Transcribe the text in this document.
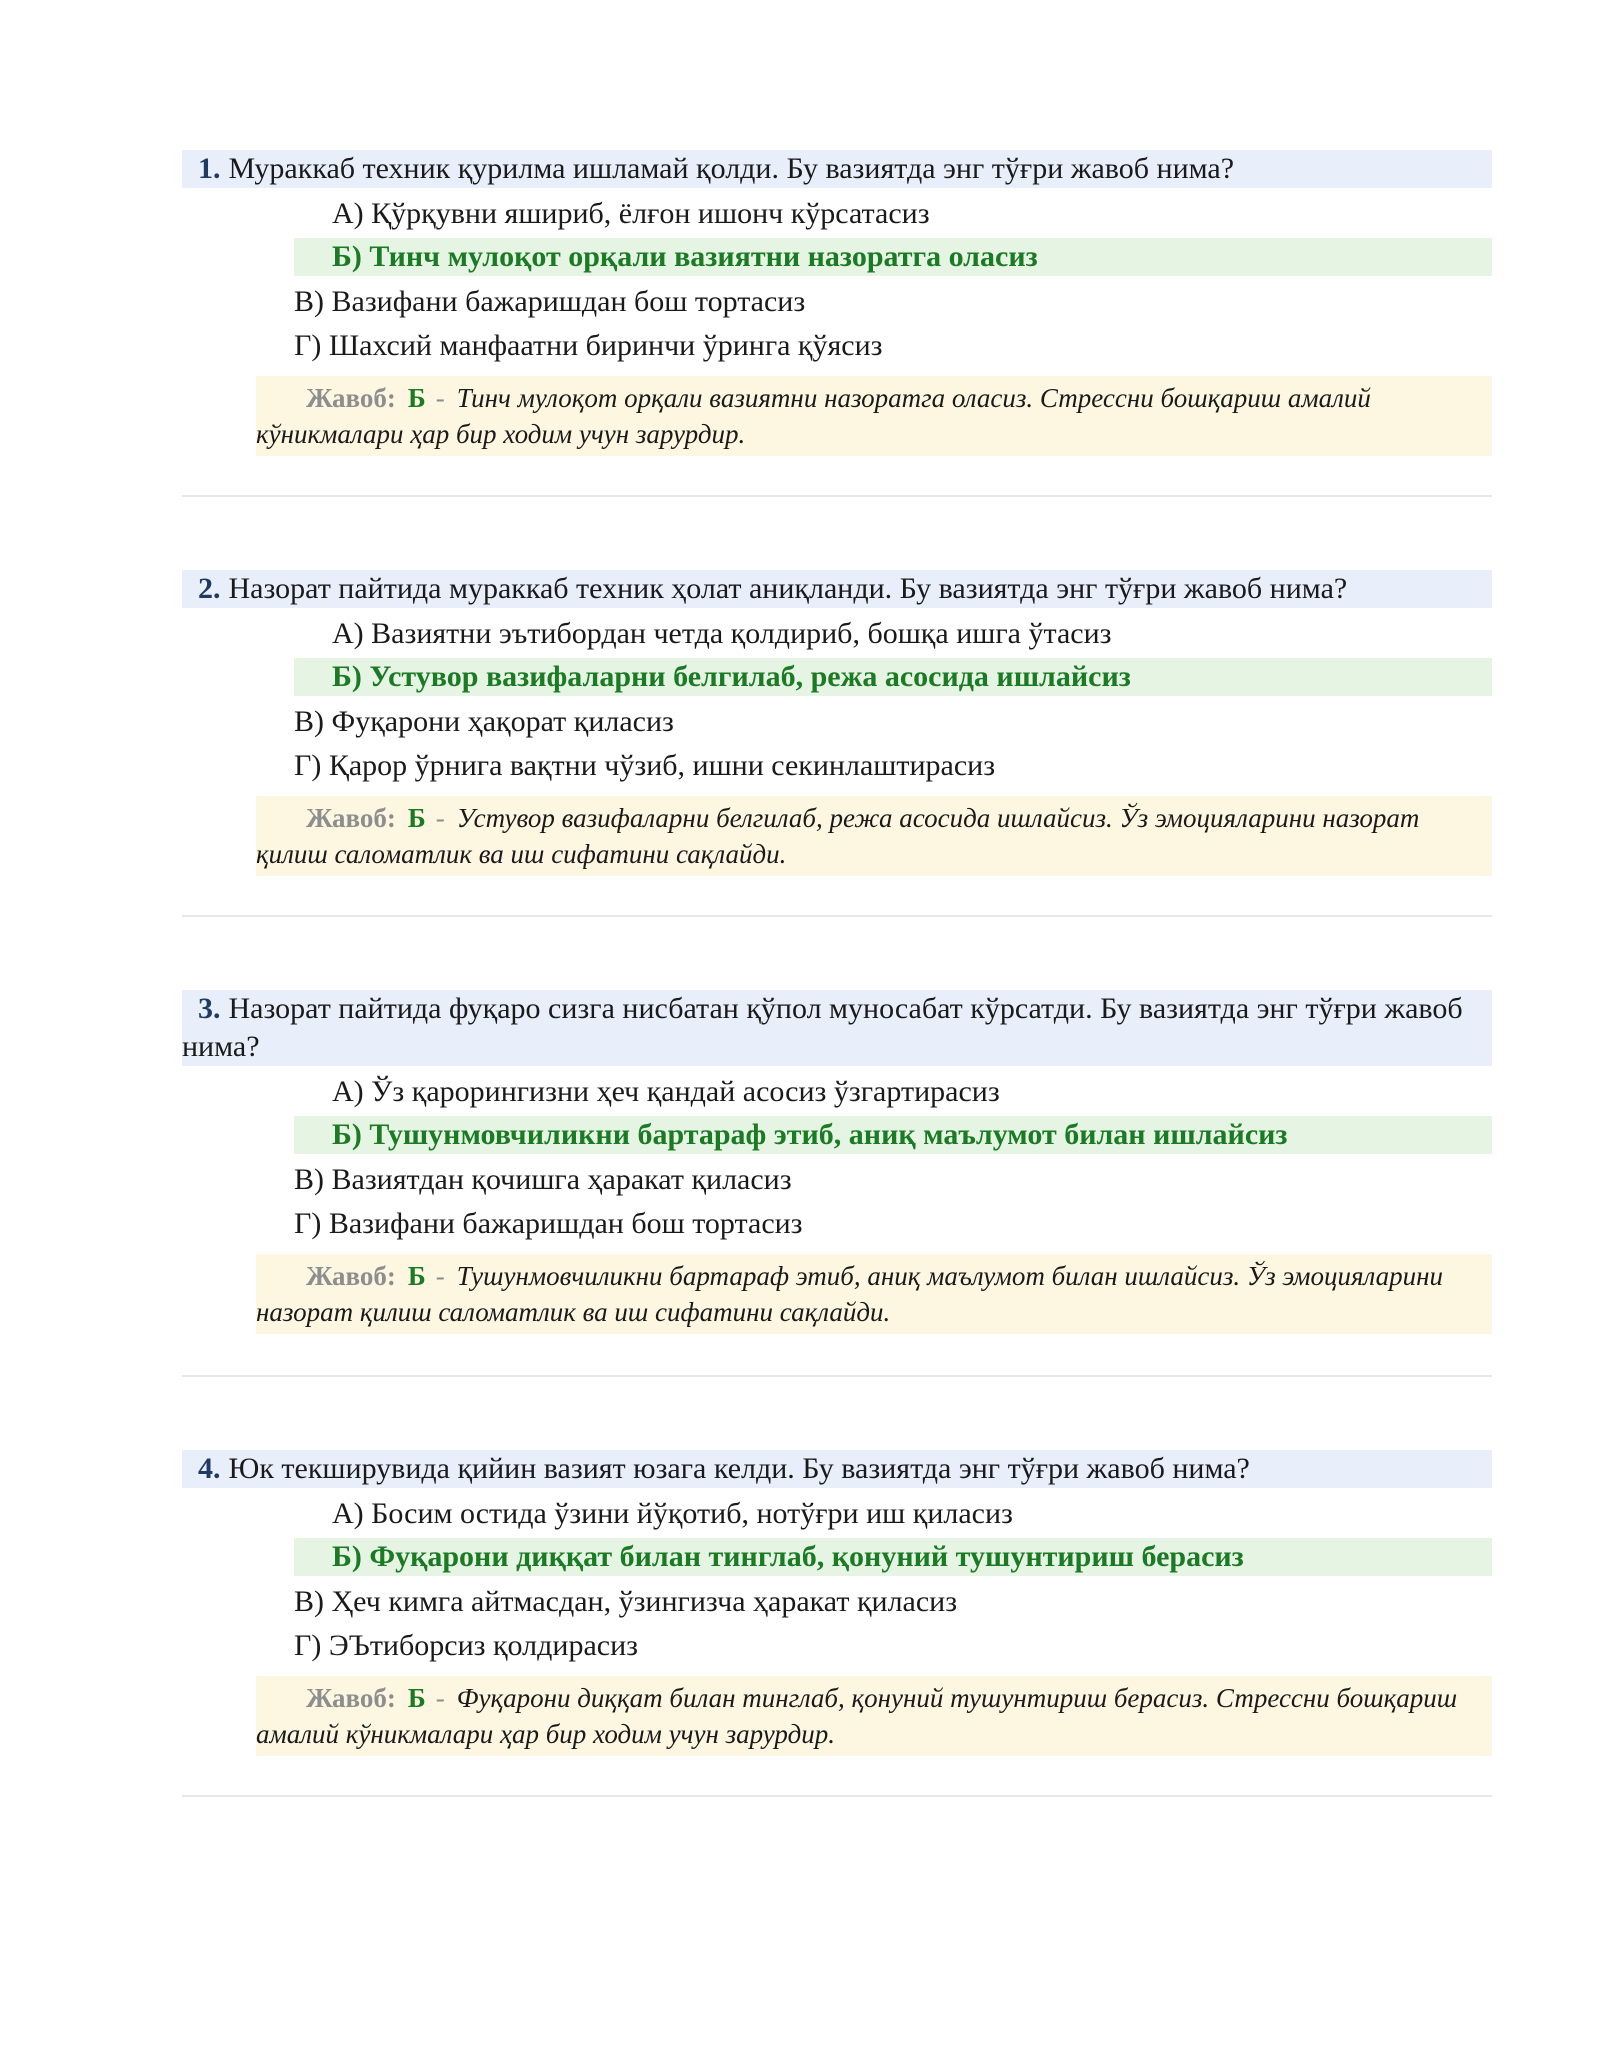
1. Мураккаб техник қурилма ишламай қолди. Бу вазиятда энг тўғри жавоб нима?
А) Қўрқувни яшириб, ёлғон ишонч кўрсатасиз
Б) Тинч мулоқот орқали вазиятни назоратга оласиз
В) Вазифани бажаришдан бош тортасиз
Г) Шахсий манфаатни биринчи ўринга қўясиз
Жавоб: Б - Тинч мулоқот орқали вазиятни назоратга оласиз. Стрессни бошқариш амалий кўникмалари ҳар бир ходим учун зарурдир.
2. Назорат пайтида мураккаб техник ҳолат аниқланди. Бу вазиятда энг тўғри жавоб нима?
А) Вазиятни эътибордан четда қолдириб, бошқа ишга ўтасиз
Б) Устувор вазифаларни белгилаб, режа асосида ишлайсиз
В) Фуқарони ҳақорат қиласиз
Г) Қарор ўрнига вақтни чўзиб, ишни секинлаштирасиз
Жавоб: Б - Устувор вазифаларни белгилаб, режа асосида ишлайсиз. Ўз эмоцияларини назорат қилиш саломатлик ва иш сифатини сақлайди.
3. Назорат пайтида фуқаро сизга нисбатан қўпол муносабат кўрсатди. Бу вазиятда энг тўғри жавоб нима?
А) Ўз қарорингизни ҳеч қандай асосиз ўзгартирасиз
Б) Тушунмовчиликни бартараф этиб, аниқ маълумот билан ишлайсиз
В) Вазиятдан қочишга ҳаракат қиласиз
Г) Вазифани бажаришдан бош тортасиз
Жавоб: Б - Тушунмовчиликни бартараф этиб, аниқ маълумот билан ишлайсиз. Ўз эмоцияларини назорат қилиш саломатлик ва иш сифатини сақлайди.
4. Юк текширувида қийин вазият юзага келди. Бу вазиятда энг тўғри жавоб нима?
А) Босим остида ўзини йўқотиб, нотўғри иш қиласиз
Б) Фуқарони диққат билан тинглаб, қонуний тушунтириш берасиз
В) Ҳеч кимга айтмасдан, ўзингизча ҳаракат қиласиз
Г) ЭЪтиборсиз қолдирасиз
Жавоб: Б - Фуқарони диққат билан тинглаб, қонуний тушунтириш берасиз. Стрессни бошқариш амалий кўникмалари ҳар бир ходим учун зарурдир.
